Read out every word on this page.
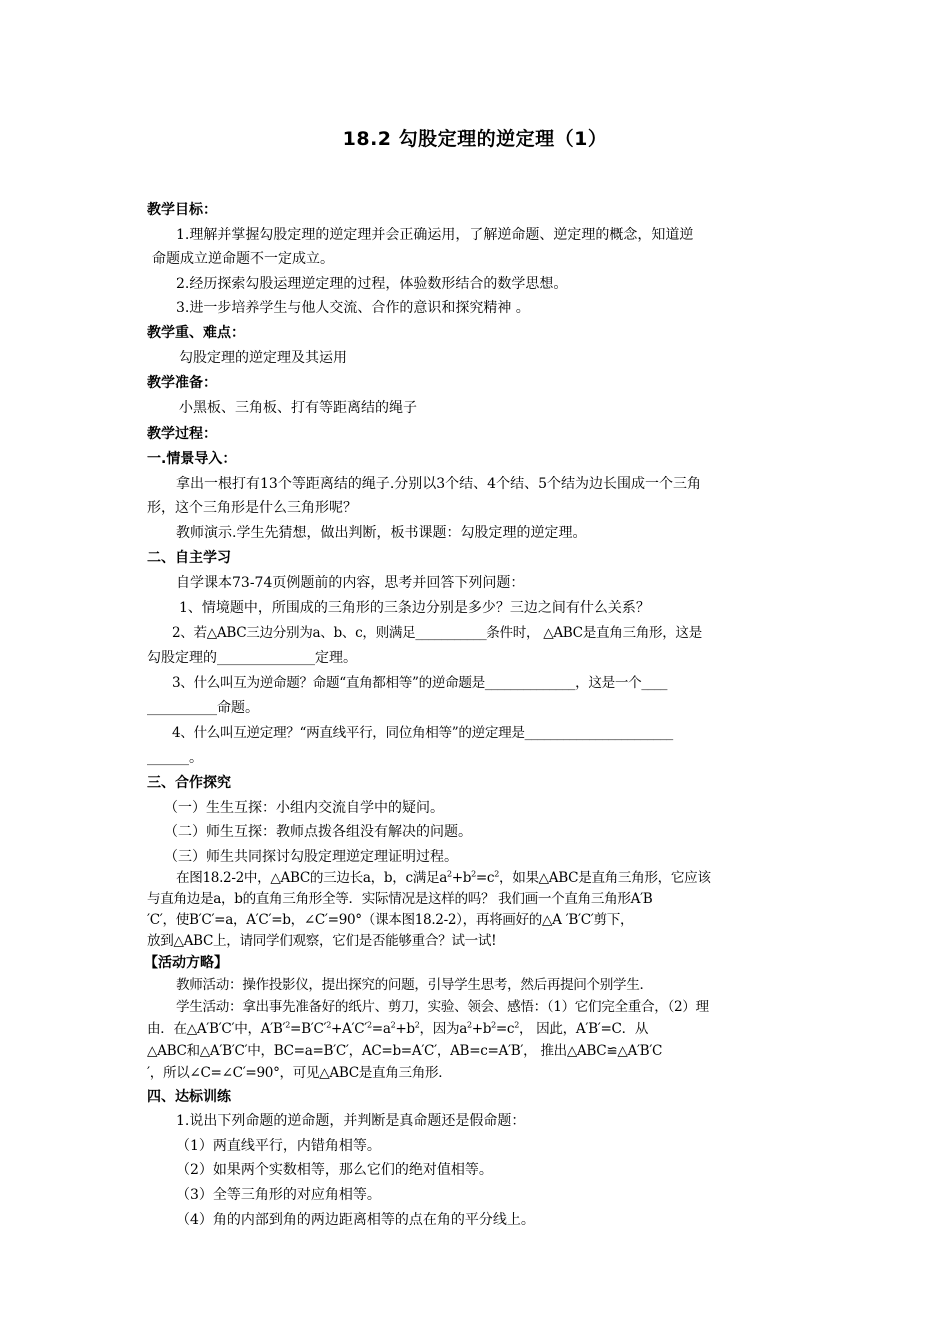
18.2 勾股定理的逆定理（1）
教学目标：
1.理解并掌握勾股定理的逆定理并会正确运用，了解逆命题、逆定理的概念，知道逆
命题成立逆命题不一定成立。
2.经历探索勾股运理逆定理的过程，体验数形结合的数学思想。
3.进一步培养学生与他人交流、合作的意识和探究精神 。
教学重、难点：
勾股定理的逆定理及其运用
教学准备：
小黑板、三角板、打有等距离结的绳子
教学过程：
一.情景导入：
拿出一根打有13个等距离结的绳子.分别以3个结、4个结、5个结为边长围成一个三角
形，这个三角形是什么三角形呢？
教师演示.学生先猜想，做出判断，板书课题：勾股定理的逆定理。
二、自主学习
自学课本73-74页例题前的内容，思考并回答下列问题：
1、情境题中，所围成的三角形的三条边分别是多少？三边之间有什么关系？
2、若△ABC三边分别为a、b、c，则满足___________条件时， △ABC是直角三角形，这是
勾股定理的______________定理。
3、什么叫互为逆命题？命题“直角都相等”的逆命题是______________，这是一个____
__________命题。
4、什么叫互逆定理？“两直线平行，同位角相等”的逆定理是_______________________
______。
三、合作探究
（一）生生互探：小组内交流自学中的疑问。
（二）师生互探：教师点拨各组没有解决的问题。
（三）师生共同探讨勾股定理逆定理证明过程。
在图18.2-2中，△ABC的三边长a，b，c满足$a^2+b^2=c^2$，如果△ABC是直角三角形，它应该
与直角边是a，b的直角三角形全等．实际情况是这样的吗？ 我们画一个直角三角形A′B
′C′，使B′C′=a，A′C′=b，∠C′=90°（课本图18.2-2），再将画好的△A ′B′C′剪下，
放到△ABC上，请同学们观察，它们是否能够重合？试一试!
【活动方略】
教师活动：操作投影仪，提出探究的问题，引导学生思考，然后再提问个别学生．
学生活动：拿出事先准备好的纸片、剪刀，实验、领会、感悟：（1）它们完全重合，（2）理
由．在△A′B′C′中，$A'B'^2=B'C'^2+A'C'^2=a^2+b^2$，因为$a^2+b^2=c^2$， 因此，A′B′=C．从
△ABC和△A′B′C′中，BC=a=B′C′，AC=b=A′C′，AB=c=A′B′， 推出△ABC≌△A′B′C
′，所以∠C=∠C′=90°，可见△ABC是直角三角形．
四、达标训练
1.说出下列命题的逆命题，并判断是真命题还是假命题：
（1）两直线平行，内错角相等。
（2）如果两个实数相等，那么它们的绝对值相等。
（3）全等三角形的对应角相等。
（4）角的内部到角的两边距离相等的点在角的平分线上。
